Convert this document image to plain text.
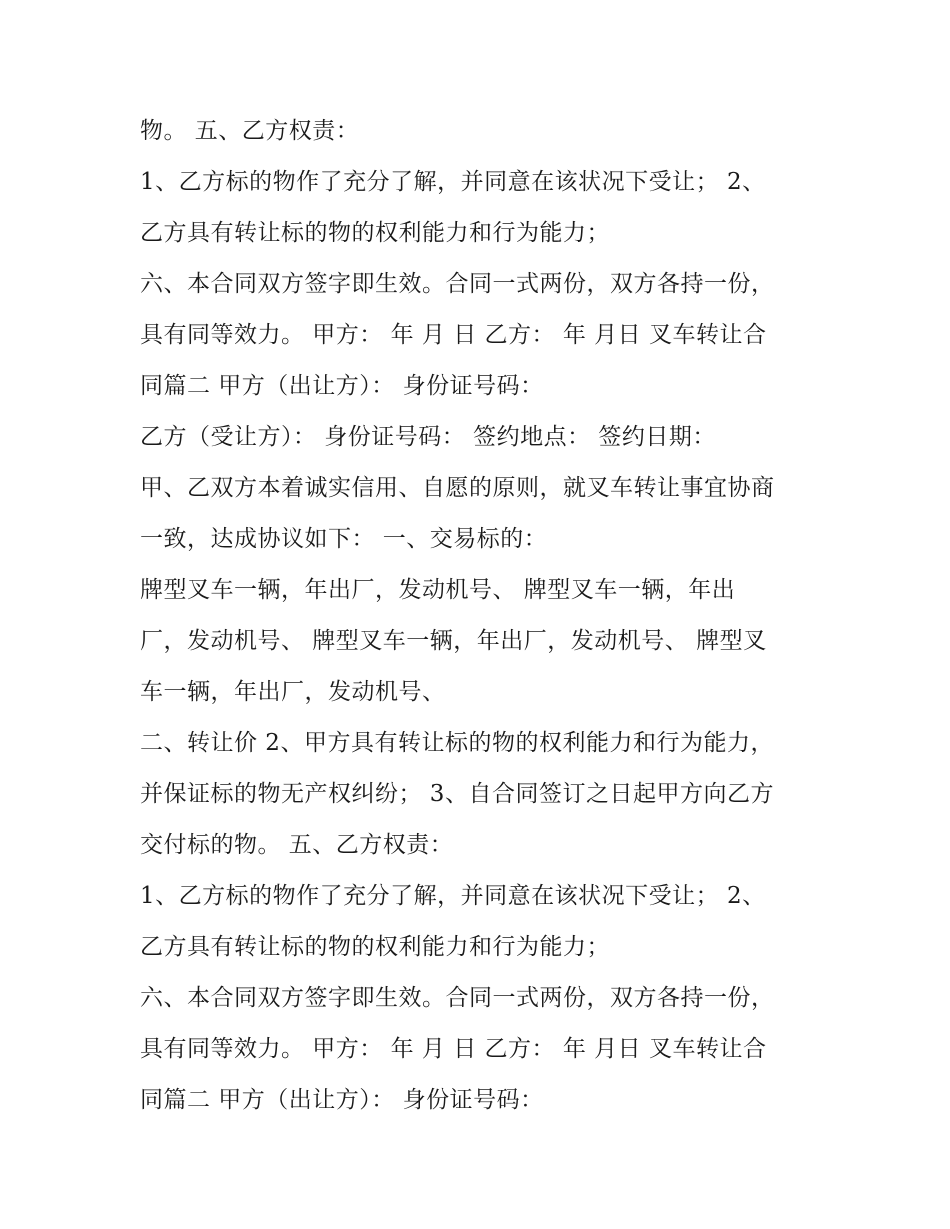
物。 五、乙方权责：
1、乙方标的物作了充分了解，并同意在该状况下受让； 2、
乙方具有转让标的物的权利能力和行为能力；
六、本合同双方签字即生效。合同一式两份，双方各持一份，
具有同等效力。 甲方： 年 月 日 乙方： 年 月日 叉车转让合
同篇二 甲方（出让方）： 身份证号码：
乙方（受让方）： 身份证号码： 签约地点： 签约日期：
甲、乙双方本着诚实信用、自愿的原则，就叉车转让事宜协商
一致，达成协议如下： 一、交易标的：
牌型叉车一辆，年出厂，发动机号、 牌型叉车一辆，年出
厂，发动机号、 牌型叉车一辆，年出厂，发动机号、 牌型叉
车一辆，年出厂，发动机号、
二、转让价 2、甲方具有转让标的物的权利能力和行为能力，
并保证标的物无产权纠纷； 3、自合同签订之日起甲方向乙方
交付标的物。 五、乙方权责：
1、乙方标的物作了充分了解，并同意在该状况下受让； 2、
乙方具有转让标的物的权利能力和行为能力；
六、本合同双方签字即生效。合同一式两份，双方各持一份，
具有同等效力。 甲方： 年 月 日 乙方： 年 月日 叉车转让合
同篇二 甲方（出让方）： 身份证号码：
